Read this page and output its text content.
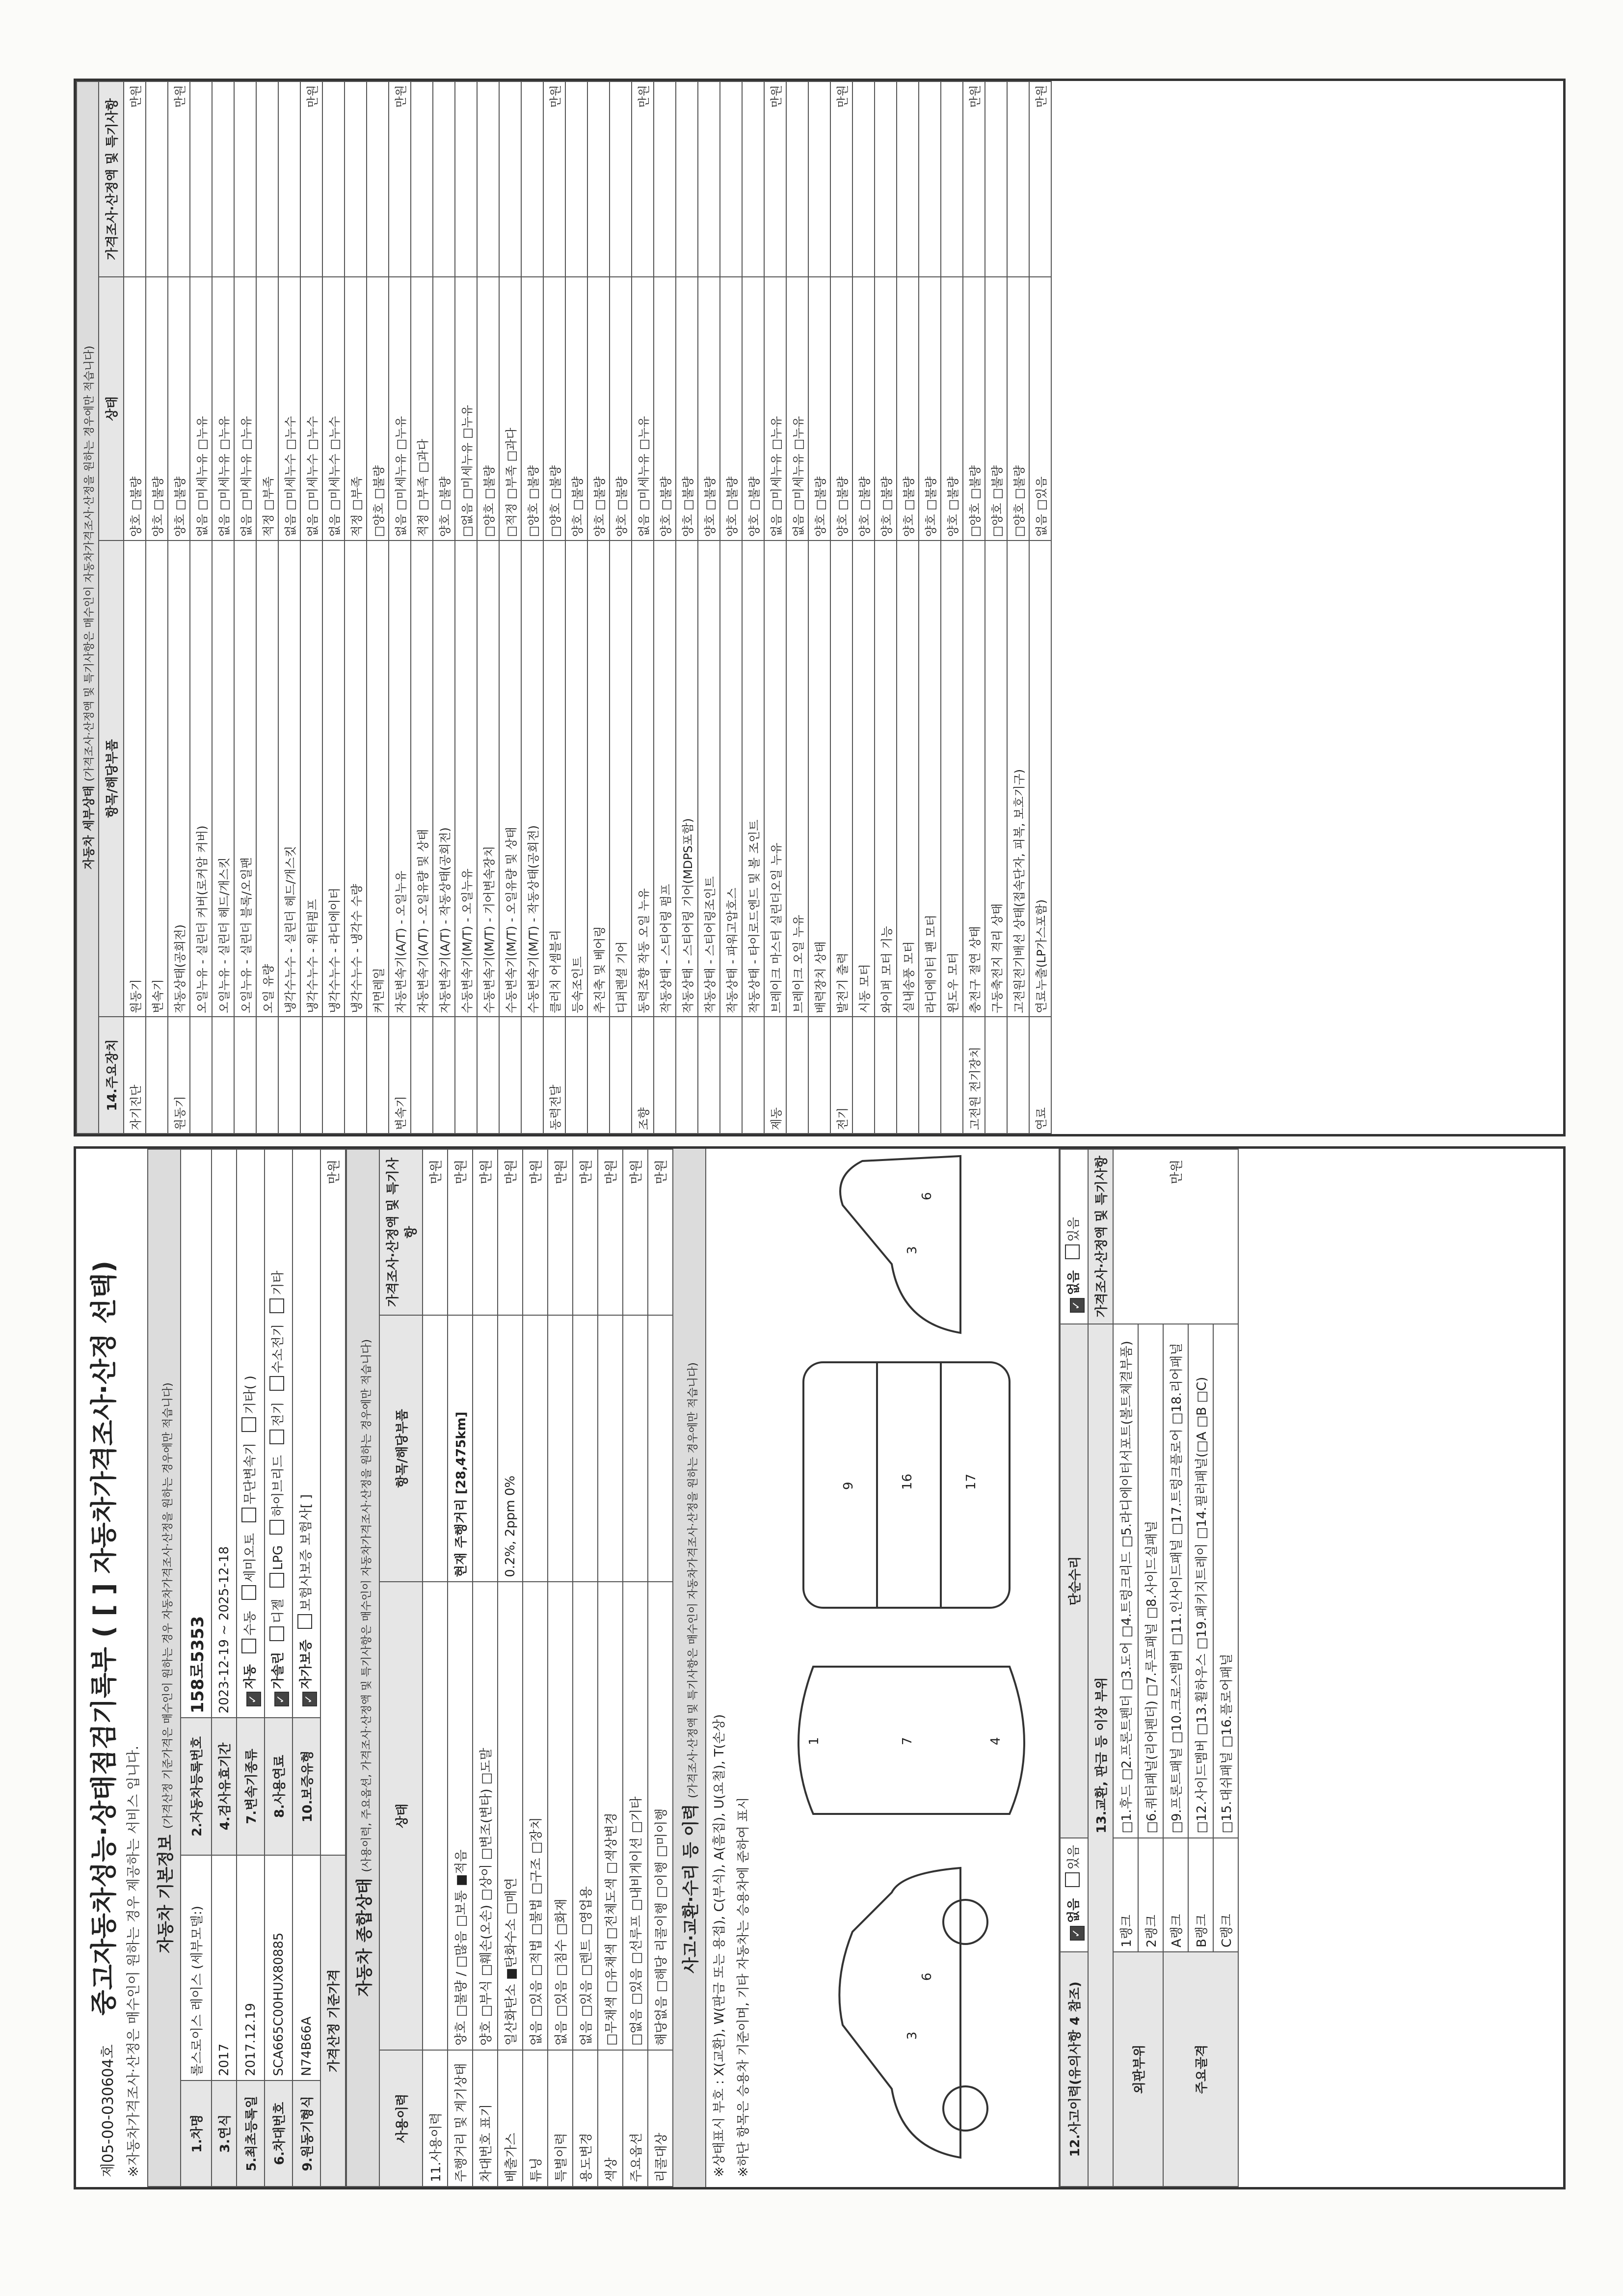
제05-00-030604호 중고자동차성능·상태점검기록부 ( [ ] 자동차가격조사·산정 선택) ※자동차가격조사·산정은 매수인이 원하는 경우 제공하는 서비스 입니다. 자동차 기본정보 (가격산정 기준가격은 매수인이 원하는 경우 자동차가격조사·산정을 원하는 경우에만 적습니다)			
1.차명	롤스로이스 레이스 (세부모델:)	2.자동차등록번호	158로5353
3.연식	2017	4.검사유효기간	2023-12-19 ~ 2025-12-18
5.최초등록일	2017.12.19	7.변속기종류	✓자동 수동 세미오토 무단변속기 기타( )
6.차대번호	SCA665C00HUX80885	8.사용연료	✓가솔린 디젤 LPG 하이브리드 전기 수소전기 기타
9.원동기형식	N74B66A	10.보증유형	✓자가보증 보험사보증 보험사[ ]
가격산정 기준가격		만원	
자동차 종합상태 (사용이력, 주요옵션, 가격조사·산정액 및 특기사항은 매수인이 자동차가격조사·산정을 원하는 경우에만 적습니다)			
사용이력	상태	항목/해당부품	가격조사·산정액 및 특기사항
11.사용이력			만원
주행거리 및 계기상태	양호 □불량 / □많음 □보통 ■적음	현재 주행거리 [28,475km]	만원
차대번호 표기	양호 □부식 □훼손(오손) □상이 □변조(변타) □도말		만원
배출가스	일산화탄소 ■탄화수소 □매연	0.2%, 2ppm 0%	만원
튜닝	없음 □있음 □적법 □불법 □구조 □장치		만원
특별이력	없음 □있음 □침수 □화재		만원
용도변경	없음 □있음 □렌트 □영업용		만원
색상	□무채색 □유채색 □전체도색 □색상변경		만원
주요옵션	□없음 □있음 □선루프 □내비게이션 □기타		만원
리콜대상	해당없음 □해당 리콜이행 □이행 □미이행		만원
사고·교환·수리 등 이력 (가격조사·산정액 및 특기사항은 매수인이 자동차가격조사·산정을 원하는 경우에만 적습니다)
※상태표시 부호 : X(교환), W(판금 또는 용접), C(부식), A(흠집), U(요철), T(손상) ※하단 항목은 승용차 기준이며, 기타 자동차는 승용차에 준하여 표시	3
6
1	7	4
9	16	17
3
6
12.사고이력(유의사항 4 참조)	✓없음 있음	단순수리	✓없음 있음
13.교환, 판금 등 이상 부위			가격조사·산정액 및 특기사항
외판부위	1랭크	□1.후드 □2.프론트펜더 □3.도어 □4.트렁크리드 □5.라디에이터서포트(볼트체결부품)	만원
	2랭크	□6.쿼터패널(리어펜더) □7.루프패널 □8.사이드실패널	
주요골격	A랭크	□9.프론트패널 □10.크로스멤버 □11.인사이드패널 □17.트렁크플로어 □18.리어패널	
	B랭크	□12.사이드멤버 □13.휠하우스 □19.패키지트레이 □14.필러패널(□A □B □C)	
	C랭크	□15.대쉬패널 □16.플로어패널	
자동차 세부상태 (가격조사·산정액 및 특기사항은 매수인이 자동차가격조사·산정을 원하는 경우에만 적습니다)			
14.주요장치	항목/해당부품	상태	가격조사·산정액 및 특기사항
자기진단	원동기	양호 □불량	만원
	변속기	양호 □불량	
원동기	작동상태(공회전)	양호 □불량	만원
	오일누유 - 실린더 커버(로커암 커버)	없음 □미세누유 □누유	
	오일누유 - 실린더 헤드/개스킷	없음 □미세누유 □누유	
	오일누유 - 실린더 블록/오일팬	없음 □미세누유 □누유	
	오일 유량	적정 □부족	
	냉각수누수 - 실린더 헤드/개스킷	없음 □미세누수 □누수	
	냉각수누수 - 워터펌프	없음 □미세누수 □누수	만원
	냉각수누수 - 라디에이터	없음 □미세누수 □누수	
	냉각수누수 - 냉각수 수량	적정 □부족	
	커먼레일	□양호 □불량	
변속기	자동변속기(A/T) - 오일누유	없음 □미세누유 □누유	만원
	자동변속기(A/T) - 오일유량 및 상태	적정 □부족 □과다	
	자동변속기(A/T) - 작동상태(공회전)	양호 □불량	
	수동변속기(M/T) - 오일누유	□없음 □미세누유 □누유	
	수동변속기(M/T) - 기어변속장치	□양호 □불량	
	수동변속기(M/T) - 오일유량 및 상태	□적정 □부족 □과다	
	수동변속기(M/T) - 작동상태(공회전)	□양호 □불량	
동력전달	클러치 어셈블리	□양호 □불량	만원
	등속조인트	양호 □불량	
	추진축 및 베어링	양호 □불량	
	디퍼렌셜 기어	양호 □불량	
조향	동력조향 작동 오일 누유	없음 □미세누유 □누유	만원
	작동상태 - 스티어링 펌프	양호 □불량	
	작동상태 - 스티어링 기어(MDPS포함)	양호 □불량	
	작동상태 - 스티어링조인트	양호 □불량	
	작동상태 - 파워고압호스	양호 □불량	
	작동상태 - 타이로드엔드 및 볼 조인트	양호 □불량	
제동	브레이크 마스터 실린더오일 누유	없음 □미세누유 □누유	만원
	브레이크 오일 누유	없음 □미세누유 □누유	
	배력장치 상태	양호 □불량	
전기	발전기 출력	양호 □불량	만원
	시동 모터	양호 □불량	
	와이퍼 모터 기능	양호 □불량	
	실내송풍 모터	양호 □불량	
	라디에이터 팬 모터	양호 □불량	
	윈도우 모터	양호 □불량	
고전원 전기장치	충전구 절연 상태	□양호 □불량	만원
	구동축전지 격리 상태	□양호 □불량	
	고전원전기배선 상태(접속단자, 피복, 보호기구)	□양호 □불량	
연료	연료누출(LP가스포함)	없음 □있음	만원
